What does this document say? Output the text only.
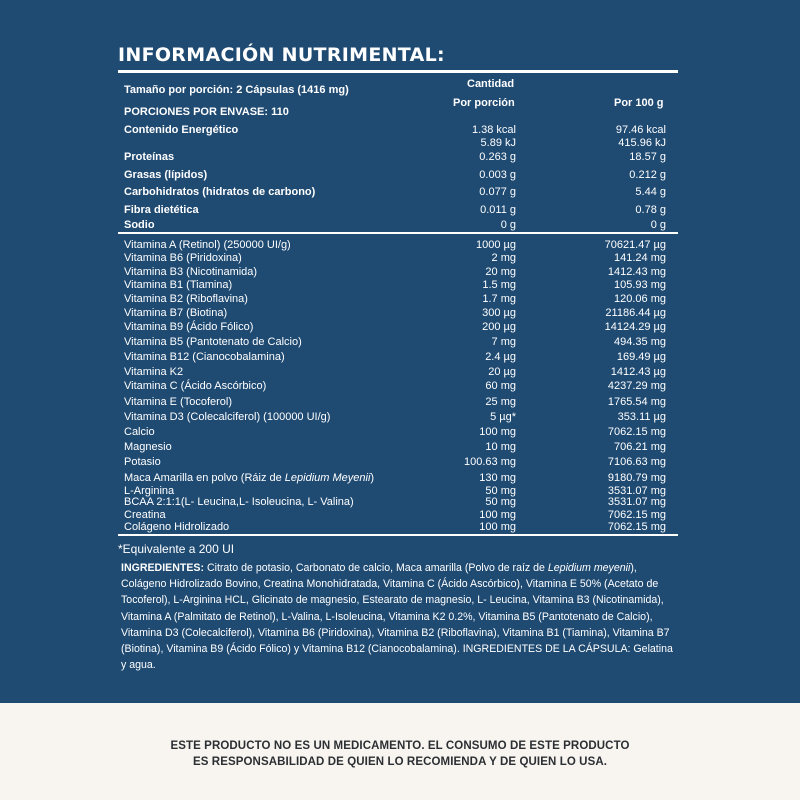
INFORMACIÓN NUTRIMENTAL:
Tamaño por porción: 2 Cápsulas (1416 mg)	Cantidad
Por porción	Por 100 g
PORCIONES POR ENVASE: 110
Contenido Energético	1.38 kcal	97.46 kcal
5.89 kJ	415.96 kJ
Proteínas	0.263 g	18.57 g
Grasas (lípidos)	0.003 g	0.212 g
Carbohidratos (hidratos de carbono)	0.077 g	5.44 g
Fibra dietética	0.011 g	0.78 g
Sodio	0 g	0 g
Vitamina A (Retinol) (250000 UI/g)	1000 µg	70621.47 µg
Vitamina B6 (Piridoxina)	2 mg	141.24 mg
Vitamina B3 (Nicotinamida)	20 mg	1412.43 mg
Vitamina B1 (Tiamina)	1.5 mg	105.93 mg
Vitamina B2 (Riboflavina)	1.7 mg	120.06 mg
Vitamina B7 (Biotina)	300 µg	21186.44 µg
Vitamina B9 (Ácido Fólico)	200 µg	14124.29 µg
Vitamina B5 (Pantotenato de Calcio)	7 mg	494.35 mg
Vitamina B12 (Cianocobalamina)	2.4 µg	169.49 µg
Vitamina K2	20 µg	1412.43 µg
Vitamina C (Ácido Ascórbico)	60 mg	4237.29 mg
Vitamina E (Tocoferol)	25 mg	1765.54 mg
Vitamina D3 (Colecalciferol) (100000 UI/g)	5 µg*	353.11 µg
Calcio	100 mg	7062.15 mg
Magnesio	10 mg	706.21 mg
Potasio	100.63 mg	7106.63 mg
Maca Amarilla en polvo (Ráiz de Lepidium Meyenii)	130 mg	9180.79 mg
L-Arginina	50 mg	3531.07 mg
BCAA 2:1:1(L- Leucina,L- Isoleucina, L- Valina)	50 mg	3531.07 mg
Creatina	100 mg	7062.15 mg
Colágeno Hidrolizado	100 mg	7062.15 mg
*Equivalente a 200 UI
INGREDIENTES: Citrato de potasio, Carbonato de calcio, Maca amarilla (Polvo de raíz de Lepidium meyenii), Colágeno Hidrolizado Bovino, Creatina Monohidratada, Vitamina C (Ácido Ascórbico), Vitamina E 50% (Acetato de Tocoferol), L-Arginina HCL, Glicinato de magnesio, Estearato de magnesio, L- Leucina, Vitamina B3 (Nicotinamida), Vitamina A (Palmitato de Retinol), L-Valina, L-Isoleucina, Vitamina K2 0.2%, Vitamina B5 (Pantotenato de Calcio), Vitamina D3 (Colecalciferol), Vitamina B6 (Piridoxina), Vitamina B2 (Riboflavina), Vitamina B1 (Tiamina), Vitamina B7 (Biotina), Vitamina B9 (Ácido Fólico) y Vitamina B12 (Cianocobalamina). INGREDIENTES DE LA CÁPSULA: Gelatina y agua.
ESTE PRODUCTO NO ES UN MEDICAMENTO. EL CONSUMO DE ESTE PRODUCTO
ES RESPONSABILIDAD DE QUIEN LO RECOMIENDA Y DE QUIEN LO USA.
